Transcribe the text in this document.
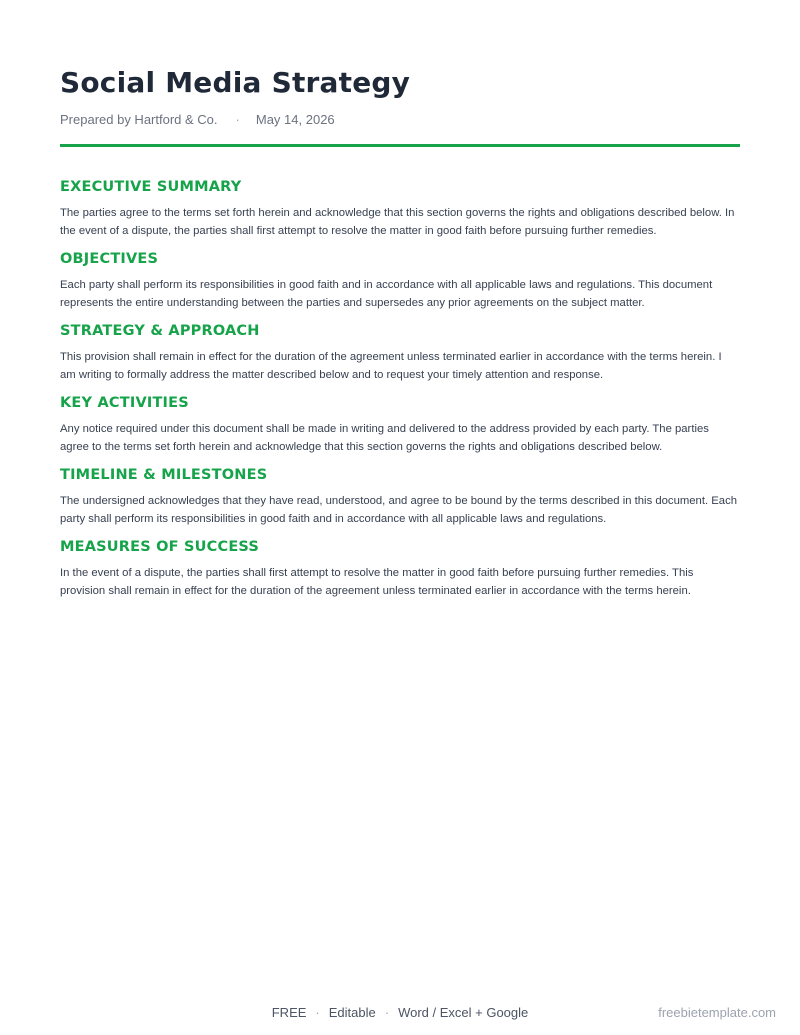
Social Media Strategy
Prepared by Hartford & Co. · May 14, 2026
EXECUTIVE SUMMARY

The parties agree to the terms set forth herein and acknowledge that this section governs the rights and obligations described below. In the event of a dispute, the parties shall first attempt to resolve the matter in good faith before pursuing further remedies.

OBJECTIVES

Each party shall perform its responsibilities in good faith and in accordance with all applicable laws and regulations. This document represents the entire understanding between the parties and supersedes any prior agreements on the subject matter.

STRATEGY & APPROACH

This provision shall remain in effect for the duration of the agreement unless terminated earlier in accordance with the terms herein. I am writing to formally address the matter described below and to request your timely attention and response.

KEY ACTIVITIES

Any notice required under this document shall be made in writing and delivered to the address provided by each party. The parties agree to the terms set forth herein and acknowledge that this section governs the rights and obligations described below.

TIMELINE & MILESTONES

The undersigned acknowledges that they have read, understood, and agree to be bound by the terms described in this document. Each party shall perform its responsibilities in good faith and in accordance with all applicable laws and regulations.

MEASURES OF SUCCESS

In the event of a dispute, the parties shall first attempt to resolve the matter in good faith before pursuing further remedies. This provision shall remain in effect for the duration of the agreement unless terminated earlier in accordance with the terms herein.

FREE · Editable · Word / Excel + Google	freebietemplate.com
